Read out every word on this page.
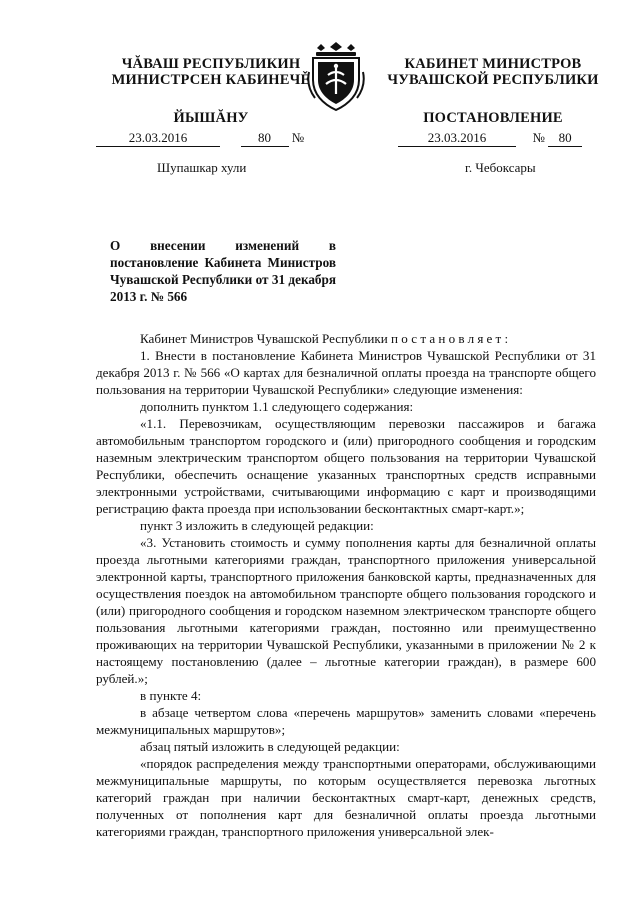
ЧĂВАШ РЕСПУБЛИКИН
МИНИСТРСЕН КАБИНЕЧĚ
ЙЫШĂНУ
КАБИНЕТ МИНИСТРОВ
ЧУВАШСКОЙ РЕСПУБЛИКИ
ПОСТАНОВЛЕНИЕ
23.03.2016	80 №	23.03.2016	№ 80
Шупашкар хули	г. Чебоксары
О внесении изменений в постановление Кабинета Министров Чувашской Республики от 31 декабря 2013 г. № 566

Кабинет Министров Чувашской Республики постановляет:

1. Внести в постановление Кабинета Министров Чувашской Республики от 31 декабря 2013 г. № 566 «О картах для безналичной оплаты проезда на транспорте общего пользования на территории Чувашской Республики» следующие изменения:

дополнить пунктом 1.1 следующего содержания:

«1.1. Перевозчикам, осуществляющим перевозки пассажиров и багажа автомобильным транспортом городского и (или) пригородного сообщения и городским наземным электрическим транспортом общего пользования на территории Чувашской Республики, обеспечить оснащение указанных транспортных средств исправными электронными устройствами, считывающими информацию с карт и производящими регистрацию факта проезда при использовании бесконтактных смарт-карт.»;

пункт 3 изложить в следующей редакции:

«3. Установить стоимость и сумму пополнения карты для безналичной оплаты проезда льготными категориями граждан, транспортного приложения универсальной электронной карты, транспортного приложения банковской карты, предназначенных для осуществления поездок на автомобильном транспорте общего пользования городского и (или) пригородного сообщения и городском наземном электрическом транспорте общего пользования льготными категориями граждан, постоянно или преимущественно проживающих на территории Чувашской Республики, указанными в приложении № 2 к настоящему постановлению (далее – льготные категории граждан), в размере 600 рублей.»;

в пункте 4:

в абзаце четвертом слова «перечень маршрутов» заменить словами «перечень межмуниципальных маршрутов»;

абзац пятый изложить в следующей редакции:

«порядок распределения между транспортными операторами, обслуживающими межмуниципальные маршруты, по которым осуществляется перевозка льготных категорий граждан при наличии бесконтактных смарт-карт, денежных средств, полученных от пополнения карт для безналичной оплаты проезда льготными категориями граждан, транспортного приложения универсальной элек-
